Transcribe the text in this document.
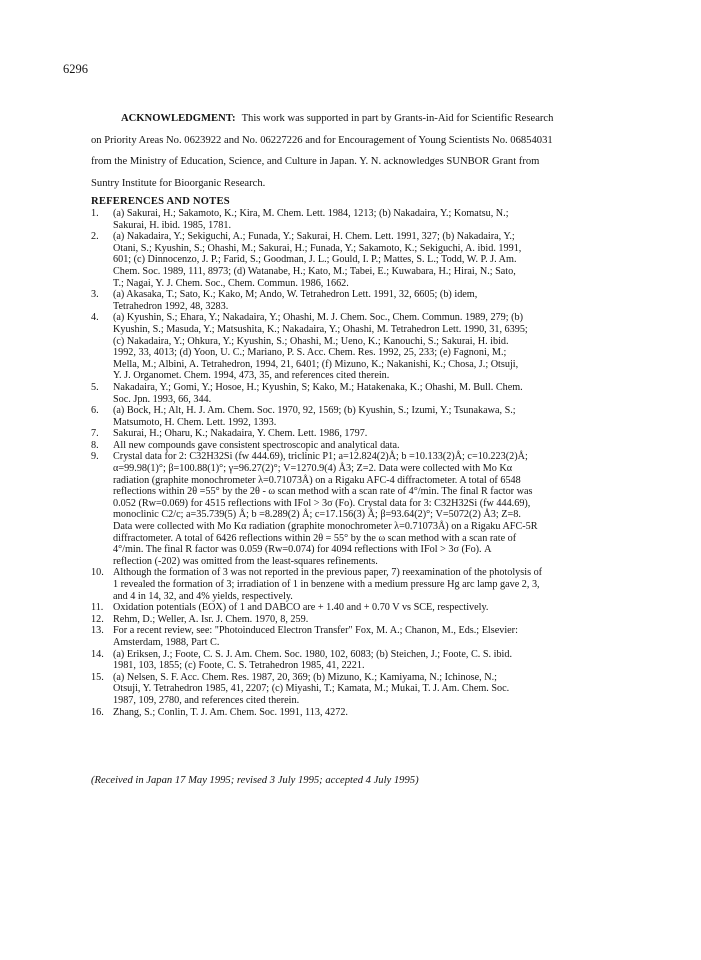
6296
ACKNOWLEDGMENT: This work was supported in part by Grants-in-Aid for Scientific Research
on Priority Areas No. 0623922 and No. 06227226 and for Encouragement of Young Scientists No. 06854031
from the Ministry of Education, Science, and Culture in Japan. Y. N. acknowledges SUNBOR Grant from
Suntry Institute for Bioorganic Research.
REFERENCES AND NOTES
1.	(a) Sakurai, H.; Sakamoto, K.; Kira, M. Chem. Lett. 1984, 1213; (b) Nakadaira, Y.; Komatsu, N.;
Sakurai, H. ibid. 1985, 1781.
2.	(a) Nakadaira, Y.; Sekiguchi, A.; Funada, Y.; Sakurai, H. Chem. Lett. 1991, 327; (b) Nakadaira, Y.;
Otani, S.; Kyushin, S.; Ohashi, M.; Sakurai, H.; Funada, Y.; Sakamoto, K.; Sekiguchi, A. ibid. 1991,
601; (c) Dinnocenzo, J. P.; Farid, S.; Goodman, J. L.; Gould, I. P.; Mattes, S. L.; Todd, W. P. J. Am.
Chem. Soc. 1989, 111, 8973; (d) Watanabe, H.; Kato, M.; Tabei, E.; Kuwabara, H.; Hirai, N.; Sato,
T.; Nagai, Y. J. Chem. Soc., Chem. Commun. 1986, 1662.
3.	(a) Akasaka, T.; Sato, K.; Kako, M; Ando, W. Tetrahedron Lett. 1991, 32, 6605; (b) idem,
Tetrahedron 1992, 48, 3283.
4.	(a) Kyushin, S.; Ehara, Y.; Nakadaira, Y.; Ohashi, M. J. Chem. Soc., Chem. Commun. 1989, 279; (b)
Kyushin, S.; Masuda, Y.; Matsushita, K.; Nakadaira, Y.; Ohashi, M. Tetrahedron Lett. 1990, 31, 6395;
(c) Nakadaira, Y.; Ohkura, Y.; Kyushin, S.; Ohashi, M.; Ueno, K.; Kanouchi, S.; Sakurai, H. ibid.
1992, 33, 4013; (d) Yoon, U. C.; Mariano, P. S. Acc. Chem. Res. 1992, 25, 233; (e) Fagnoni, M.;
Mella, M.; Albini, A. Tetrahedron, 1994, 21, 6401; (f) Mizuno, K.; Nakanishi, K.; Chosa, J.; Otsuji,
Y. J. Organomet. Chem. 1994, 473, 35, and references cited therein.
5.	Nakadaira, Y.; Gomi, Y.; Hosoe, H.; Kyushin, S; Kako, M.; Hatakenaka, K.; Ohashi, M. Bull. Chem.
Soc. Jpn. 1993, 66, 344.
6.	(a) Bock, H.; Alt, H. J. Am. Chem. Soc. 1970, 92, 1569; (b) Kyushin, S.; Izumi, Y.; Tsunakawa, S.;
Matsumoto, H. Chem. Lett. 1992, 1393.
7.	Sakurai, H.; Oharu, K.; Nakadaira, Y. Chem. Lett. 1986, 1797.
8.	All new compounds gave consistent spectroscopic and analytical data.
9.	Crystal data for 2: C32H32Si (fw 444.69), triclinic P1; a=12.824(2)Å; b =10.133(2)Å; c=10.223(2)Å;
α=99.98(1)°; β=100.88(1)°; γ=96.27(2)°; V=1270.9(4) Å3; Z=2. Data were collected with Mo Kα
radiation (graphite monochrometer λ=0.71073Å) on a Rigaku AFC-4 diffractometer. A total of 6548
reflections within 2θ =55° by the 2θ - ω scan method with a scan rate of 4°/min. The final R factor was
0.052 (Rw=0.069) for 4515 reflections with IFol > 3σ (Fo). Crystal data for 3: C32H32Si (fw 444.69),
monoclinic C2/c; a=35.739(5) Å; b =8.289(2) Å; c=17.156(3) Å; β=93.64(2)°; V=5072(2) Å3; Z=8.
Data were collected with Mo Kα radiation (graphite monochrometer λ=0.71073Å) on a Rigaku AFC-5R
diffractometer. A total of 6426 reflections within 2θ = 55° by the ω scan method with a scan rate of
4°/min. The final R factor was 0.059 (Rw=0.074) for 4094 reflections with IFol > 3σ (Fo). A
reflection (-202) was omitted from the least-squares refinements.
10. Although the formation of 3 was not reported in the previous paper, 7) reexamination of the photolysis of
1 revealed the formation of 3; irradiation of 1 in benzene with a medium pressure Hg arc lamp gave 2, 3,
and 4 in 14, 32, and 4% yields, respectively.
11. Oxidation potentials (EOX) of 1 and DABCO are + 1.40 and + 0.70 V vs SCE, respectively.
12. Rehm, D.; Weller, A. Isr. J. Chem. 1970, 8, 259.
13. For a recent review, see: "Photoinduced Electron Transfer" Fox, M. A.; Chanon, M., Eds.; Elsevier:
Amsterdam, 1988, Part C.
14. (a) Eriksen, J.; Foote, C. S. J. Am. Chem. Soc. 1980, 102, 6083; (b) Steichen, J.; Foote, C. S. ibid.
1981, 103, 1855; (c) Foote, C. S. Tetrahedron 1985, 41, 2221.
15. (a) Nelsen, S. F. Acc. Chem. Res. 1987, 20, 369; (b) Mizuno, K.; Kamiyama, N.; Ichinose, N.;
Otsuji, Y. Tetrahedron 1985, 41, 2207; (c) Miyashi, T.; Kamata, M.; Mukai, T. J. Am. Chem. Soc.
1987, 109, 2780, and references cited therein.
16. Zhang, S.; Conlin, T. J. Am. Chem. Soc. 1991, 113, 4272.
(Received in Japan 17 May 1995; revised 3 July 1995; accepted 4 July 1995)
